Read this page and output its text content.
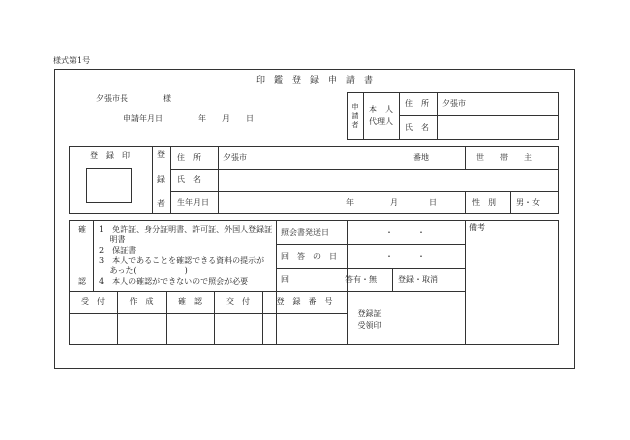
様式第1号
印　鑑　登　録　申　請　書
夕張市長	様
申請年月日	年 月 日
申
請
者
本　人
代理人
住　所 夕張市
氏　名
登　録　印	登
録
者
住　所	夕張市	番地	世　　帯　　主
氏　名
生年月日	年	月	日	性　別	男・女
確
認
1　免許証、身分証明書、許可証、外国人登録証
　 明書
2　保証書
3　本人であることを確認できる資料の提示が
　 あった(　　　　　　)
4　本人の確認ができないので照会が必要
照会書発送日	・　　　・
回　答　の　日	・　　　・
回　　　　　　　答 有・無	登録・取消
備考
受　付	作　成	確　認	交　付	登　録　番　号
登録証
受領印
